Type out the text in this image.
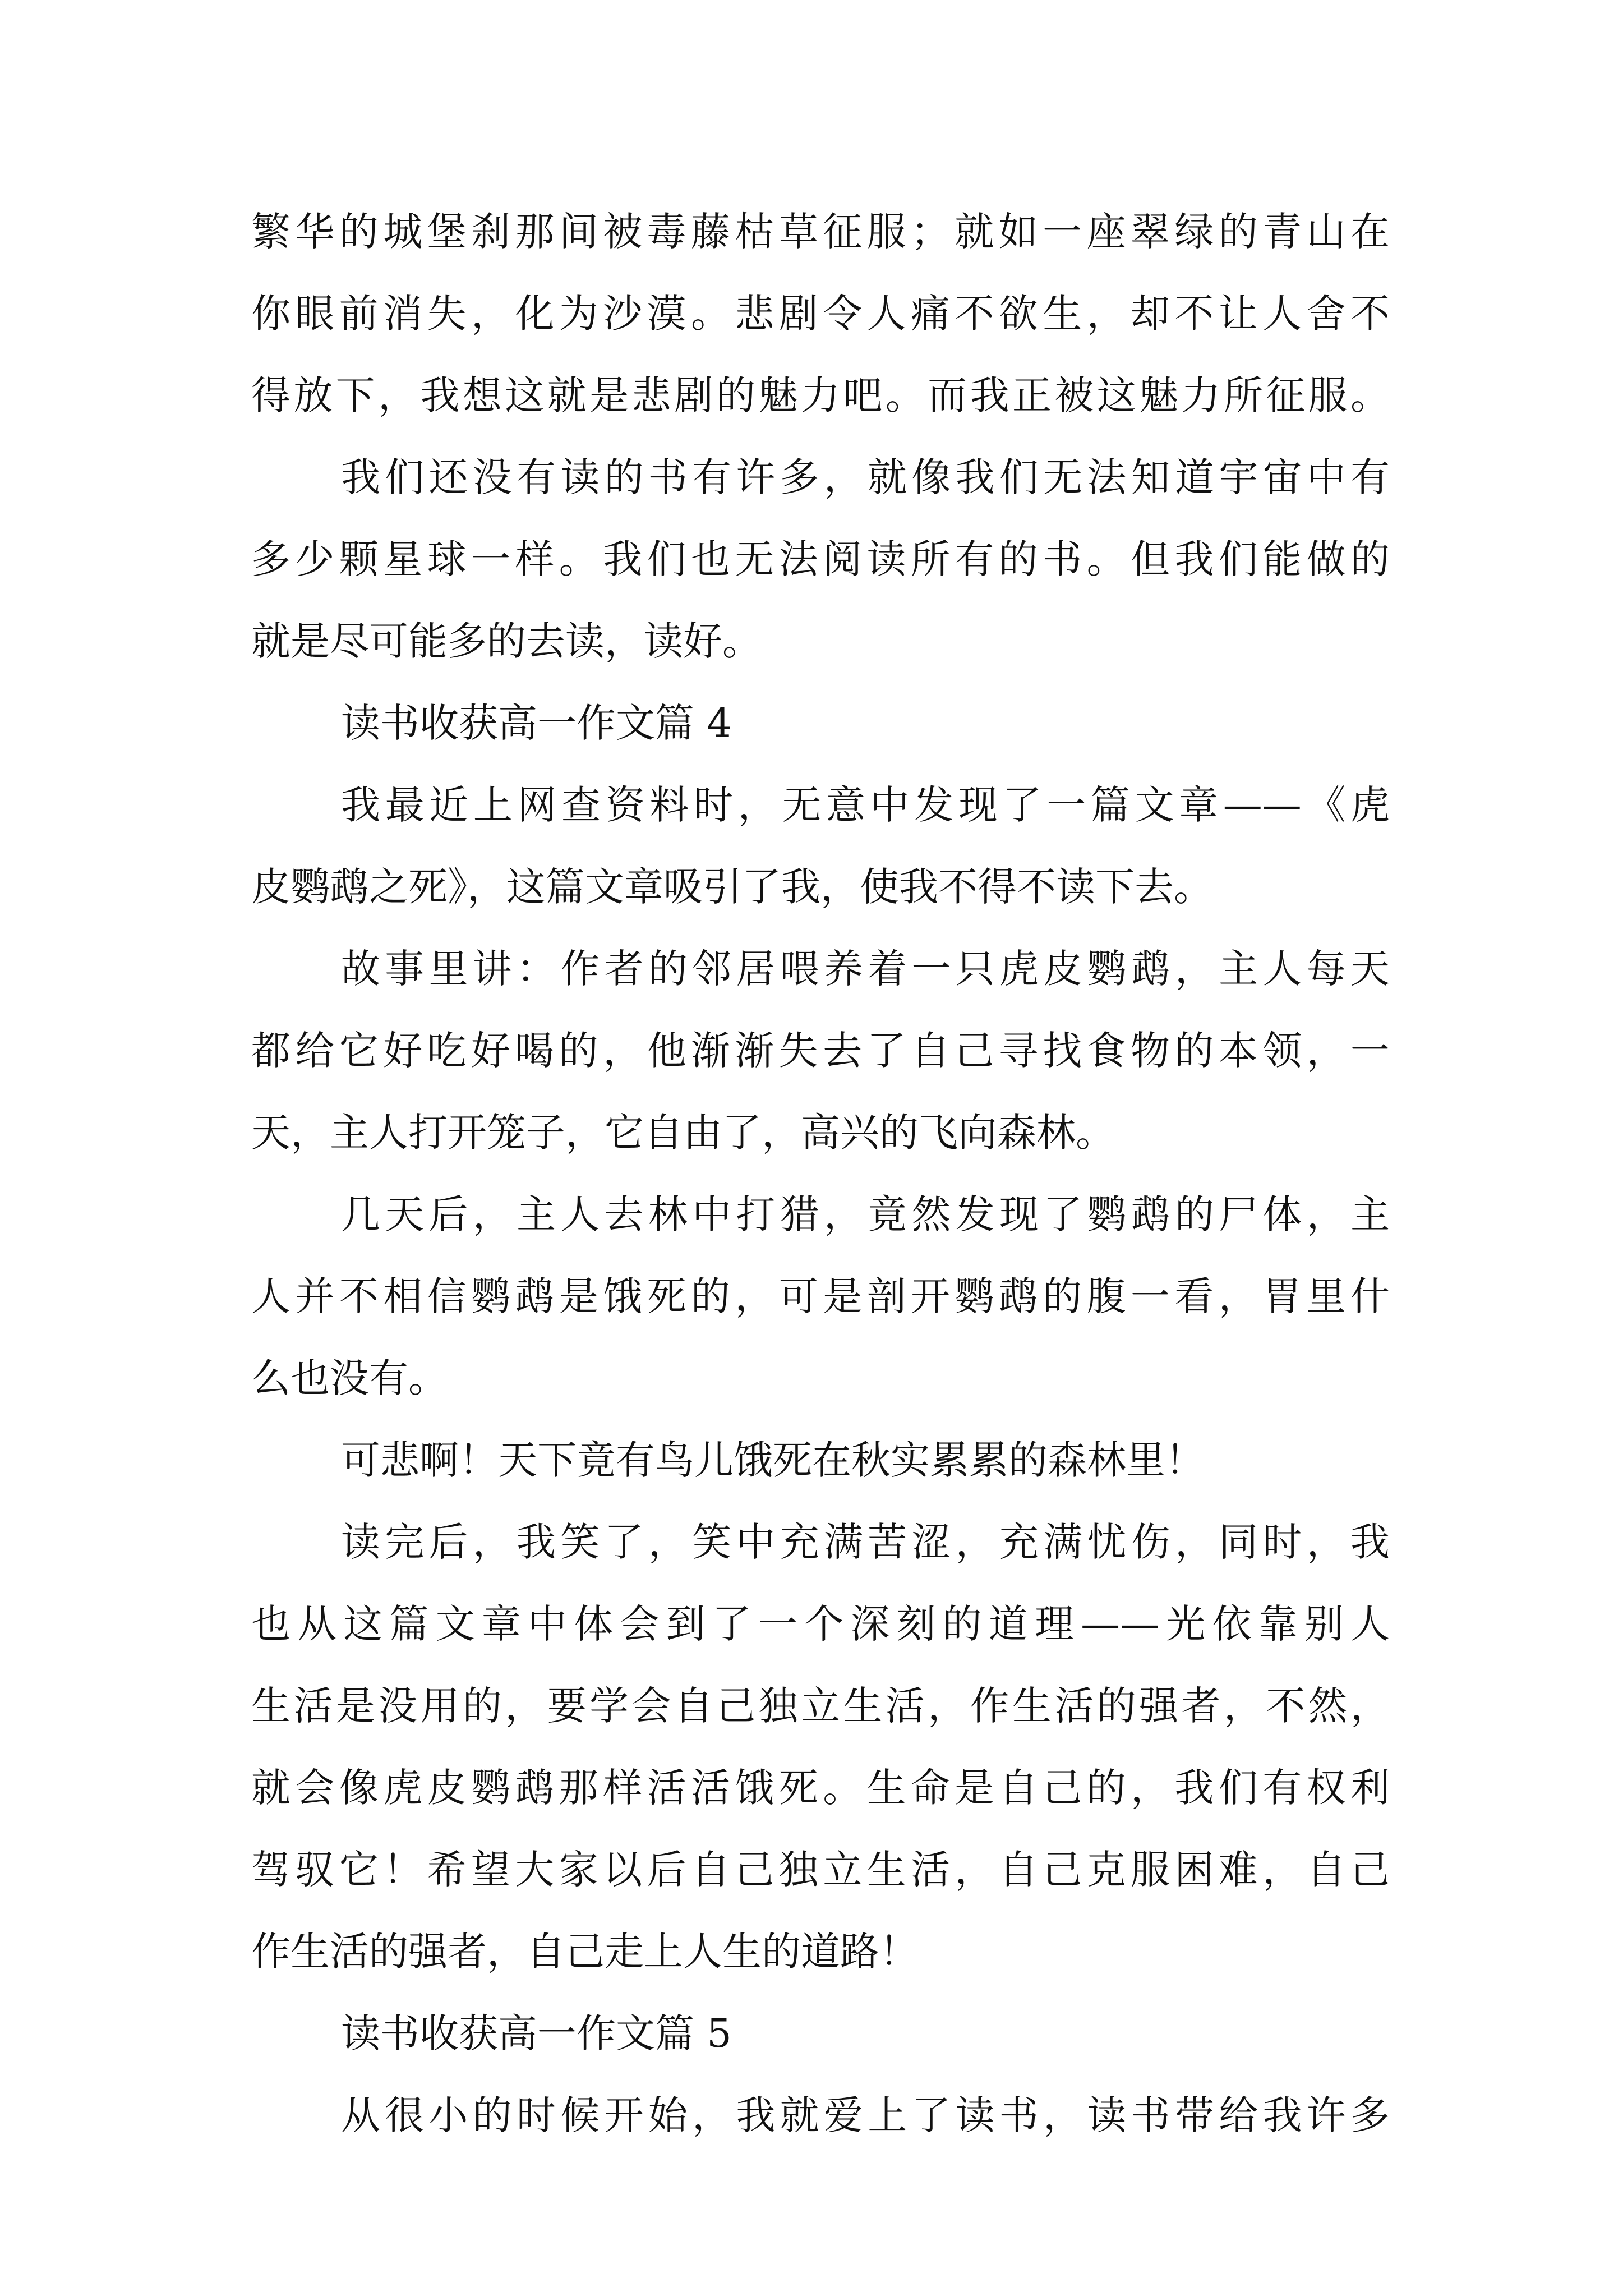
繁华的城堡刹那间被毒藤枯草征服；就如一座翠绿的青山在
你眼前消失，化为沙漠。悲剧令人痛不欲生，却不让人舍不
得放下，我想这就是悲剧的魅力吧。而我正被这魅力所征服。
我们还没有读的书有许多，就像我们无法知道宇宙中有
多少颗星球一样。我们也无法阅读所有的书。但我们能做的
就是尽可能多的去读，读好。
读书收获高一作文篇 4
我最近上网查资料时，无意中发现了一篇文章——《虎
皮鹦鹉之死》，这篇文章吸引了我，使我不得不读下去。
故事里讲：作者的邻居喂养着一只虎皮鹦鹉，主人每天
都给它好吃好喝的，他渐渐失去了自己寻找食物的本领，一
天，主人打开笼子，它自由了，高兴的飞向森林。
几天后，主人去林中打猎，竟然发现了鹦鹉的尸体，主
人并不相信鹦鹉是饿死的，可是剖开鹦鹉的腹一看，胃里什
么也没有。
可悲啊！天下竟有鸟儿饿死在秋实累累的森林里！
读完后，我笑了，笑中充满苦涩，充满忧伤，同时，我
也从这篇文章中体会到了一个深刻的道理——光依靠别人
生活是没用的，要学会自己独立生活，作生活的强者，不然，
就会像虎皮鹦鹉那样活活饿死。生命是自己的，我们有权利
驾驭它！希望大家以后自己独立生活，自己克服困难，自己
作生活的强者，自己走上人生的道路！
读书收获高一作文篇 5
从很小的时候开始，我就爱上了读书，读书带给我许多
